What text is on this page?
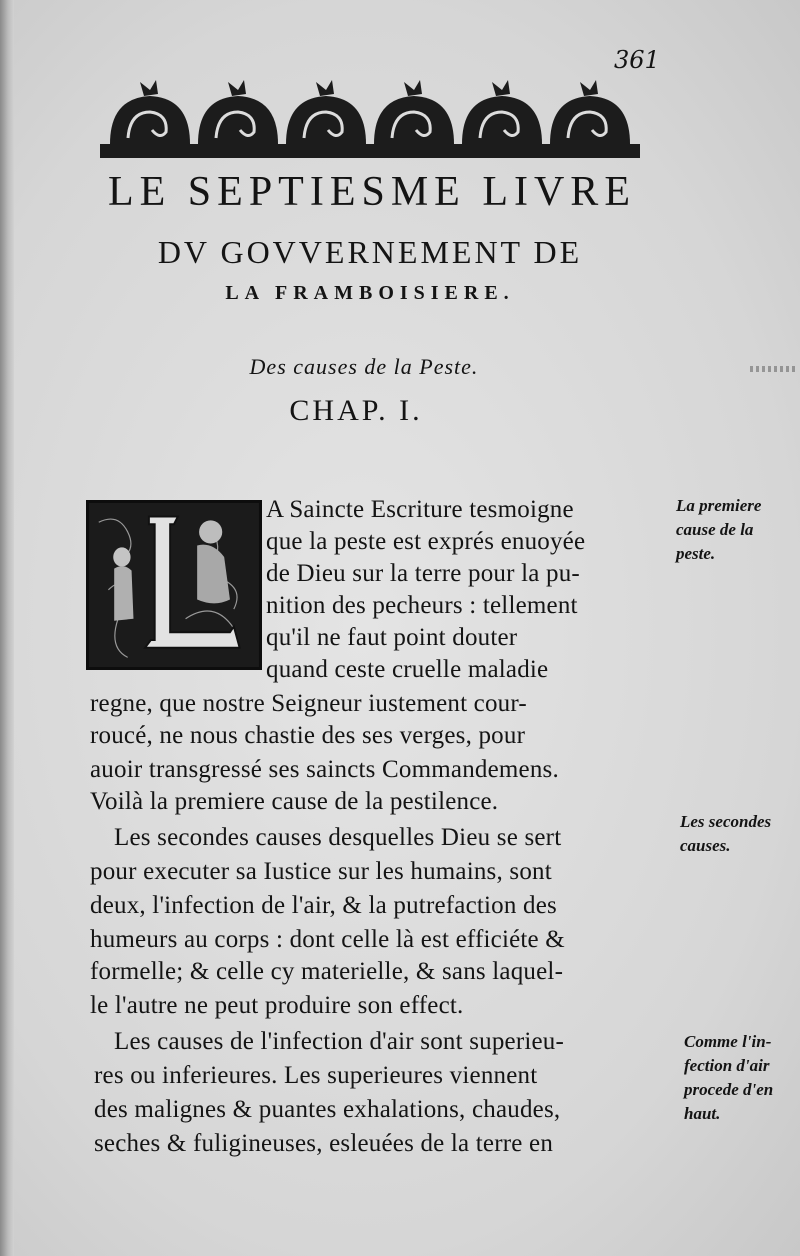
361
LE SEPTIESME LIVRE
DV GOVVERNEMENT DE
LA FRAMBOISIERE.
Des causes de la Peste.
CHAP. I.
A Saincte Escriture tesmoigne
que la peste est exprés enuoyée
de Dieu sur la terre pour la pu-
nition des pecheurs : tellement
qu'il ne faut point douter
quand ceste cruelle maladie
regne, que nostre Seigneur iustement cour-
roucé, ne nous chastie des ses verges, pour
auoir transgressé ses saincts Commandemens.
Voilà la premiere cause de la pestilence.
Les secondes causes desquelles Dieu se sert
pour executer sa Iustice sur les humains, sont
deux, l'infection de l'air, & la putrefaction des
humeurs au corps : dont celle là est efficiéte &
formelle; & celle cy materielle, & sans laquel-
le l'autre ne peut produire son effect.
Les causes de l'infection d'air sont superieu-
res ou inferieures. Les superieures viennent
des malignes & puantes exhalations, chaudes,
seches & fuligineuses, esleuées de la terre en
La premiere
cause de la
peste.
Les secondes
causes.
Comme l'in-
fection d'air
procede d'en
haut.
